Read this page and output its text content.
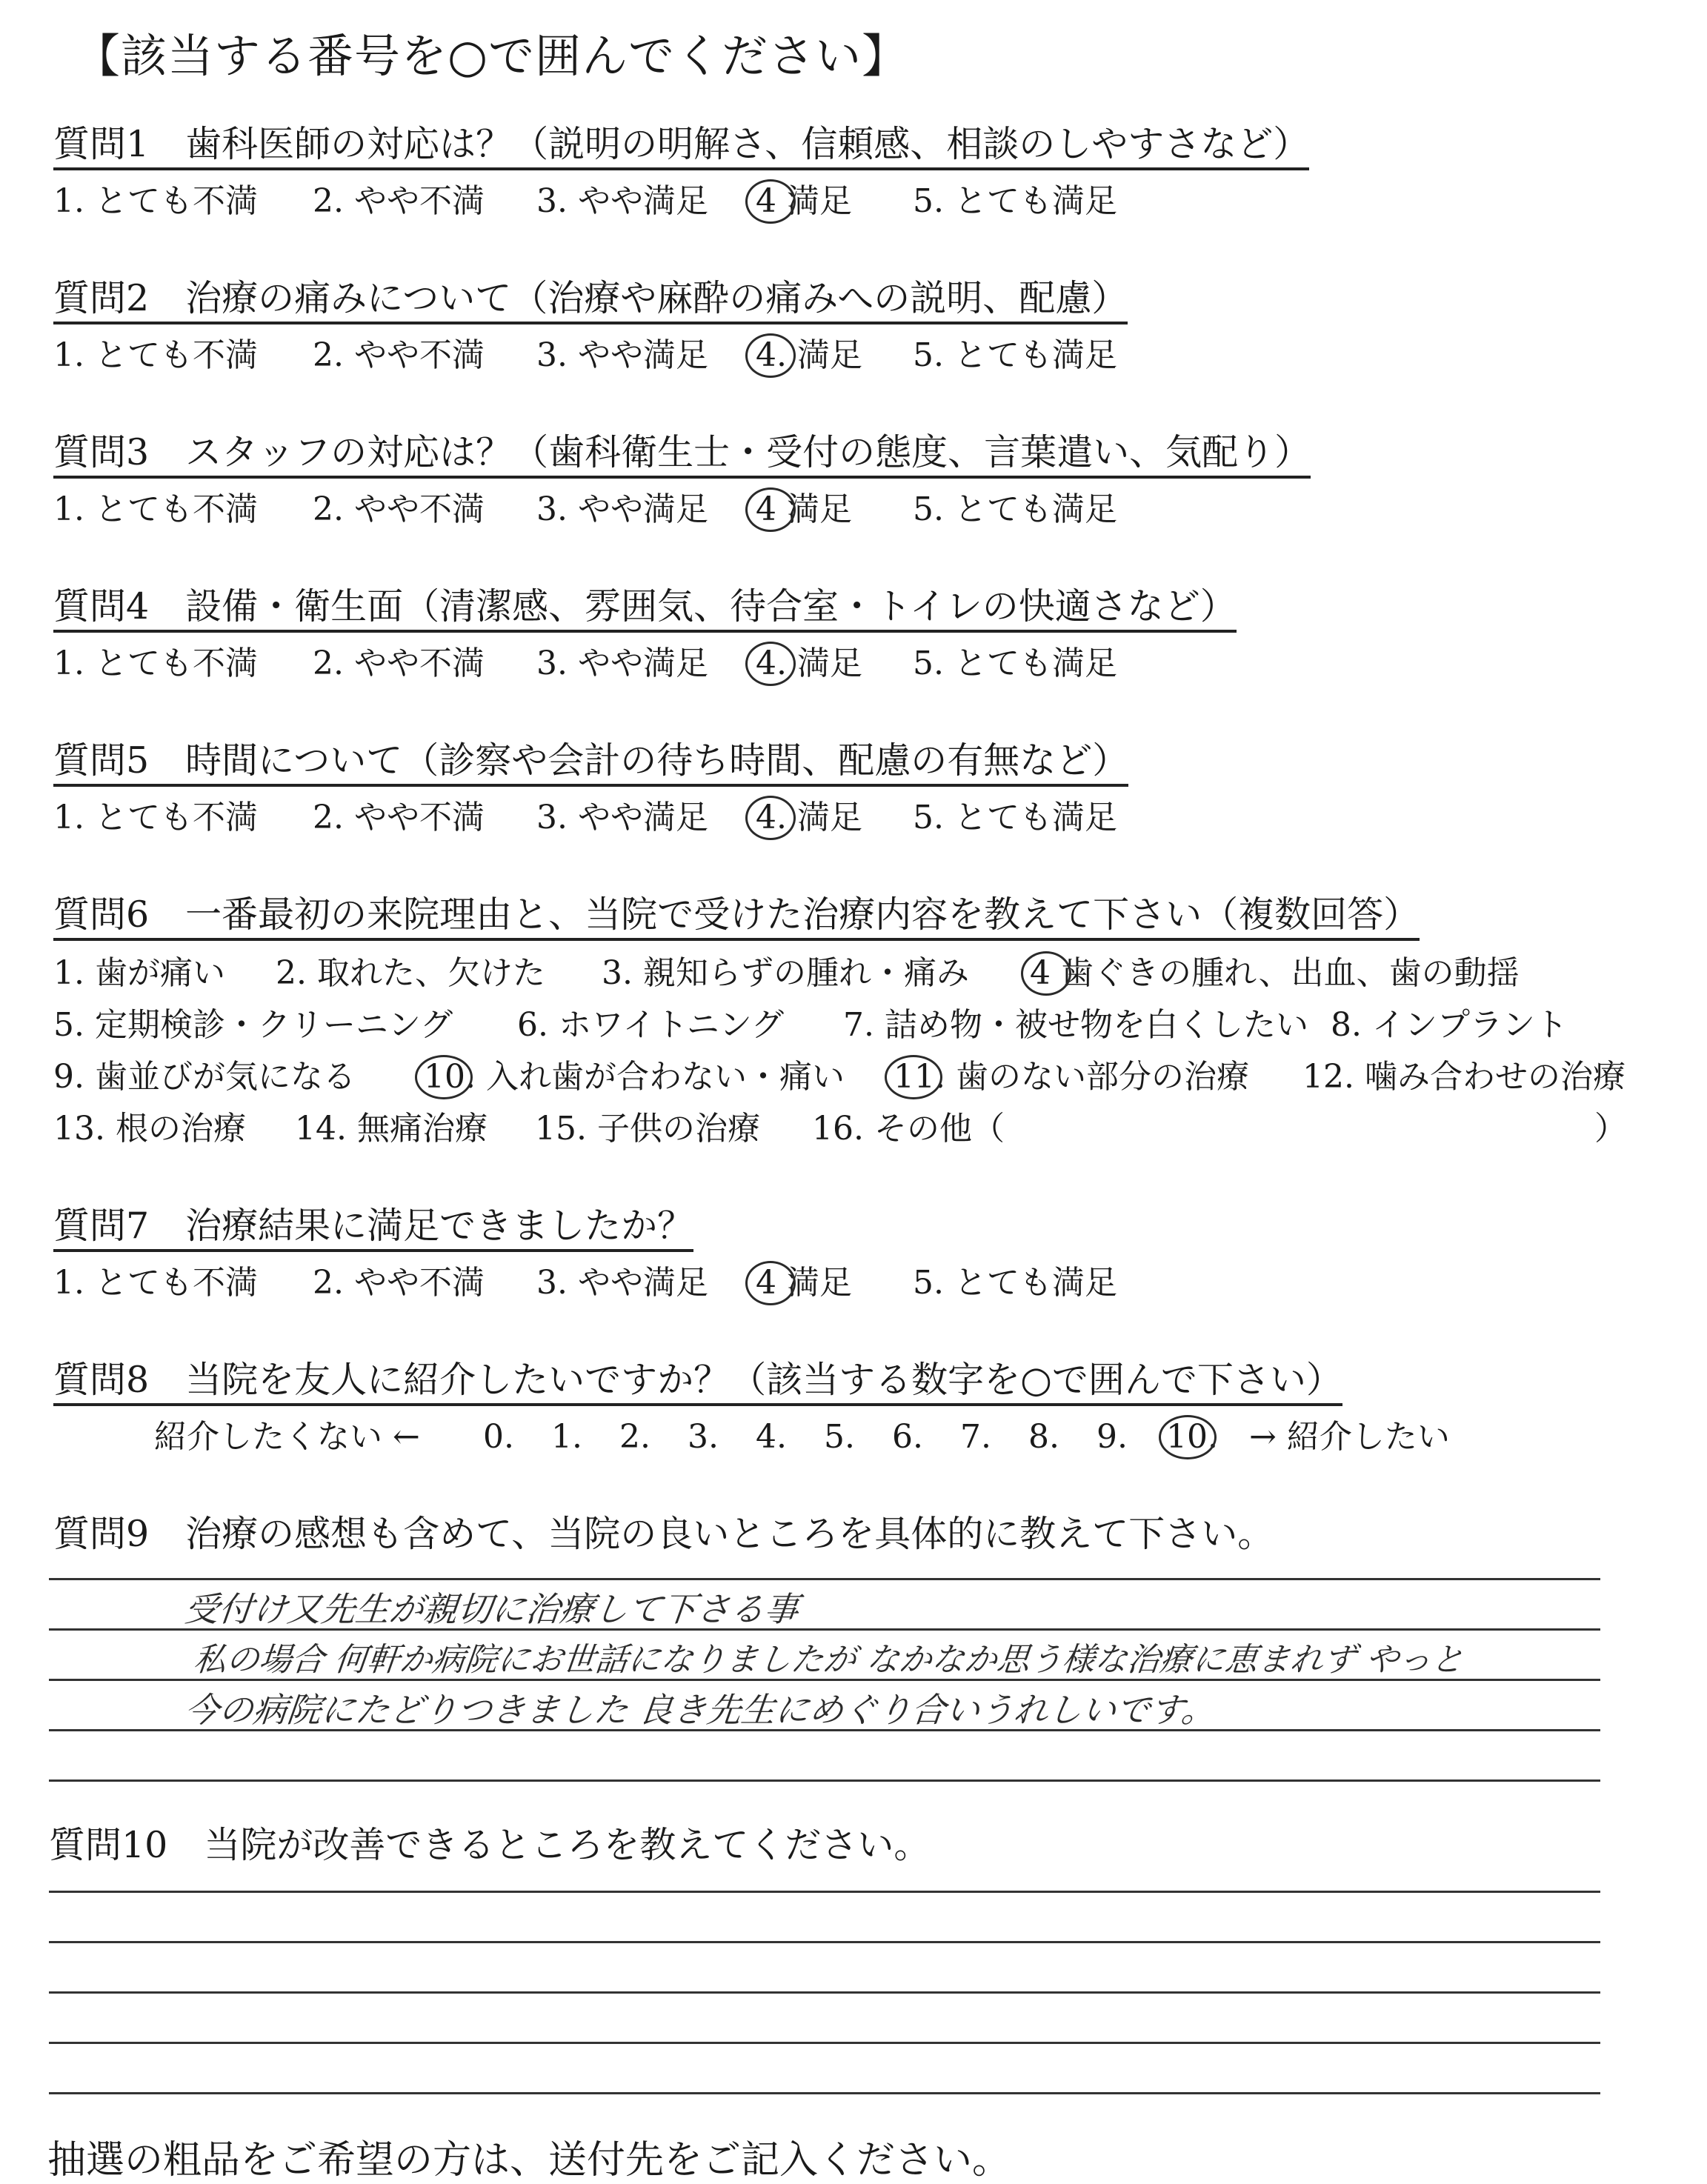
【該当する番号を○で囲んでください】
質問1　歯科医師の対応は？（説明の明解さ、信頼感、相談のしやすさなど）
1. とても不満 2. やや不満 3. やや満足 4 満足 5. とても満足
質問2　治療の痛みについて（治療や麻酔の痛みへの説明、配慮）
1. とても不満 2. やや不満 3. やや満足 4. 満足 5. とても満足
質問3　スタッフの対応は？（歯科衛生士・受付の態度、言葉遣い、気配り）
1. とても不満 2. やや不満 3. やや満足 4 満足 5. とても満足
質問4　設備・衛生面（清潔感、雰囲気、待合室・トイレの快適さなど）
1. とても不満 2. やや不満 3. やや満足 4. 満足 5. とても満足
質問5　時間について（診察や会計の待ち時間、配慮の有無など）
1. とても不満 2. やや不満 3. やや満足 4. 満足 5. とても満足
質問6　一番最初の来院理由と、当院で受けた治療内容を教えて下さい（複数回答）
1. 歯が痛い 2. 取れた、欠けた 3. 親知らずの腫れ・痛み 4 歯ぐきの腫れ、出血、歯の動揺
5. 定期検診・クリーニング 6. ホワイトニング 7. 詰め物・被せ物を白くしたい 8. インプラント
9. 歯並びが気になる 10. 入れ歯が合わない・痛い 11. 歯のない部分の治療 12. 噛み合わせの治療
13. 根の治療 14. 無痛治療 15. 子供の治療 16. その他（	）
質問7　治療結果に満足できましたか？
1. とても不満 2. やや不満 3. やや満足 4 満足 5. とても満足
質問8　当院を友人に紹介したいですか？（該当する数字を○で囲んで下さい）
紹介したくない ← 0. 1. 2. 3. 4. 5. 6. 7. 8. 9. 10. → 紹介したい
質問9　治療の感想も含めて、当院の良いところを具体的に教えて下さい。
受付け又先生が親切に治療して下さる事
私の場合 何軒か病院にお世話になりましたが なかなか思う様な治療に恵まれず やっと
今の病院にたどりつきました 良き先生にめぐり合いうれしいです。
質問10　当院が改善できるところを教えてください。
抽選の粗品をご希望の方は、送付先をご記入ください。
